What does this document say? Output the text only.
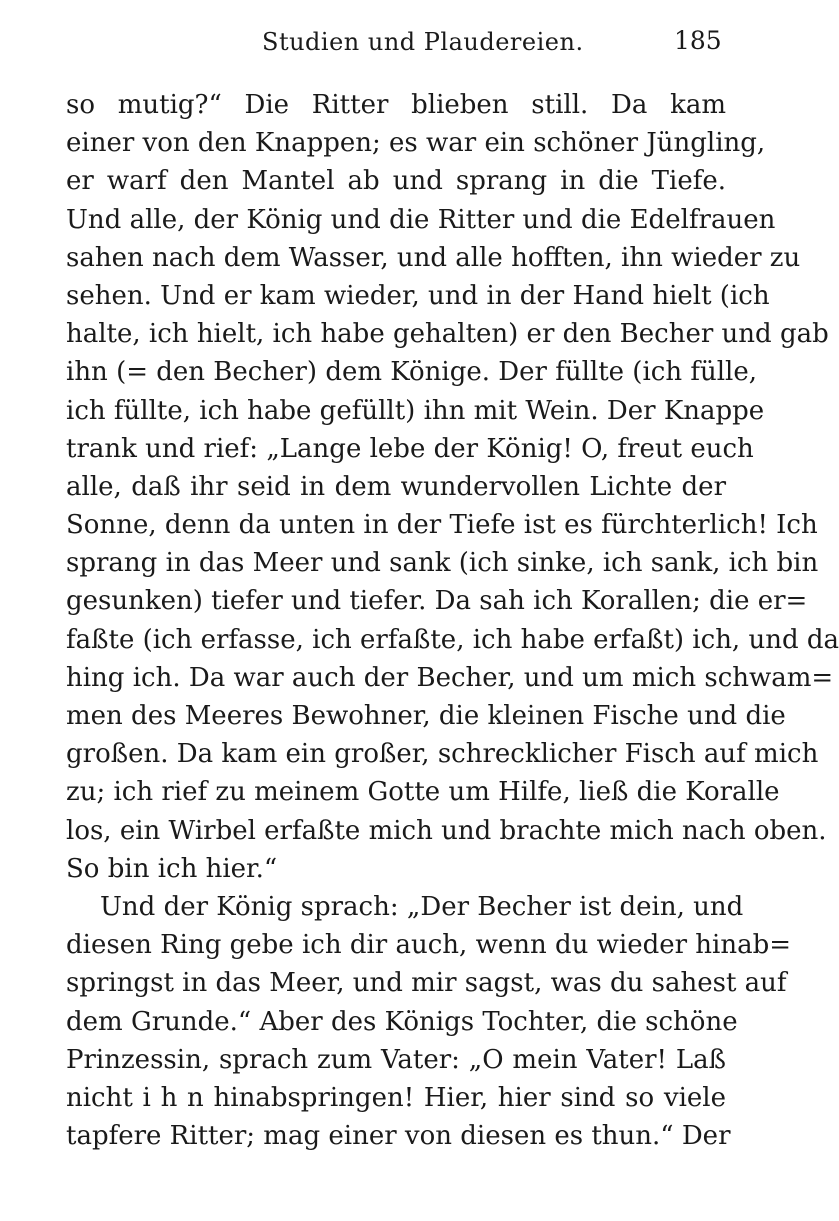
Studien und Plaudereien.	185
so mutig?“ Die Ritter blieben still. Da kam
einer von den Knappen; es war ein schöner Jüngling,
er warf den Mantel ab und sprang in die Tiefe.
Und alle, der König und die Ritter und die Edelfrauen
sahen nach dem Wasser, und alle hofften, ihn wieder zu
sehen. Und er kam wieder, und in der Hand hielt (ich
halte, ich hielt, ich habe gehalten) er den Becher und gab
ihn (= den Becher) dem Könige. Der füllte (ich fülle,
ich füllte, ich habe gefüllt) ihn mit Wein. Der Knappe
trank und rief: „Lange lebe der König! O, freut euch
alle, daß ihr seid in dem wundervollen Lichte der
Sonne, denn da unten in der Tiefe ist es fürchterlich! Ich
sprang in das Meer und sank (ich sinke, ich sank, ich bin
gesunken) tiefer und tiefer. Da sah ich Korallen; die er=
faßte (ich erfasse, ich erfaßte, ich habe erfaßt) ich, und da
hing ich. Da war auch der Becher, und um mich schwam=
men des Meeres Bewohner, die kleinen Fische und die
großen. Da kam ein großer, schrecklicher Fisch auf mich
zu; ich rief zu meinem Gotte um Hilfe, ließ die Koralle
los, ein Wirbel erfaßte mich und brachte mich nach oben.
So bin ich hier.“
Und der König sprach: „Der Becher ist dein, und
diesen Ring gebe ich dir auch, wenn du wieder hinab=
springst in das Meer, und mir sagst, was du sahest auf
dem Grunde.“ Aber des Königs Tochter, die schöne
Prinzessin, sprach zum Vater: „O mein Vater! Laß
nicht i h n hinabspringen! Hier, hier sind so viele
tapfere Ritter; mag einer von diesen es thun.“ Der
